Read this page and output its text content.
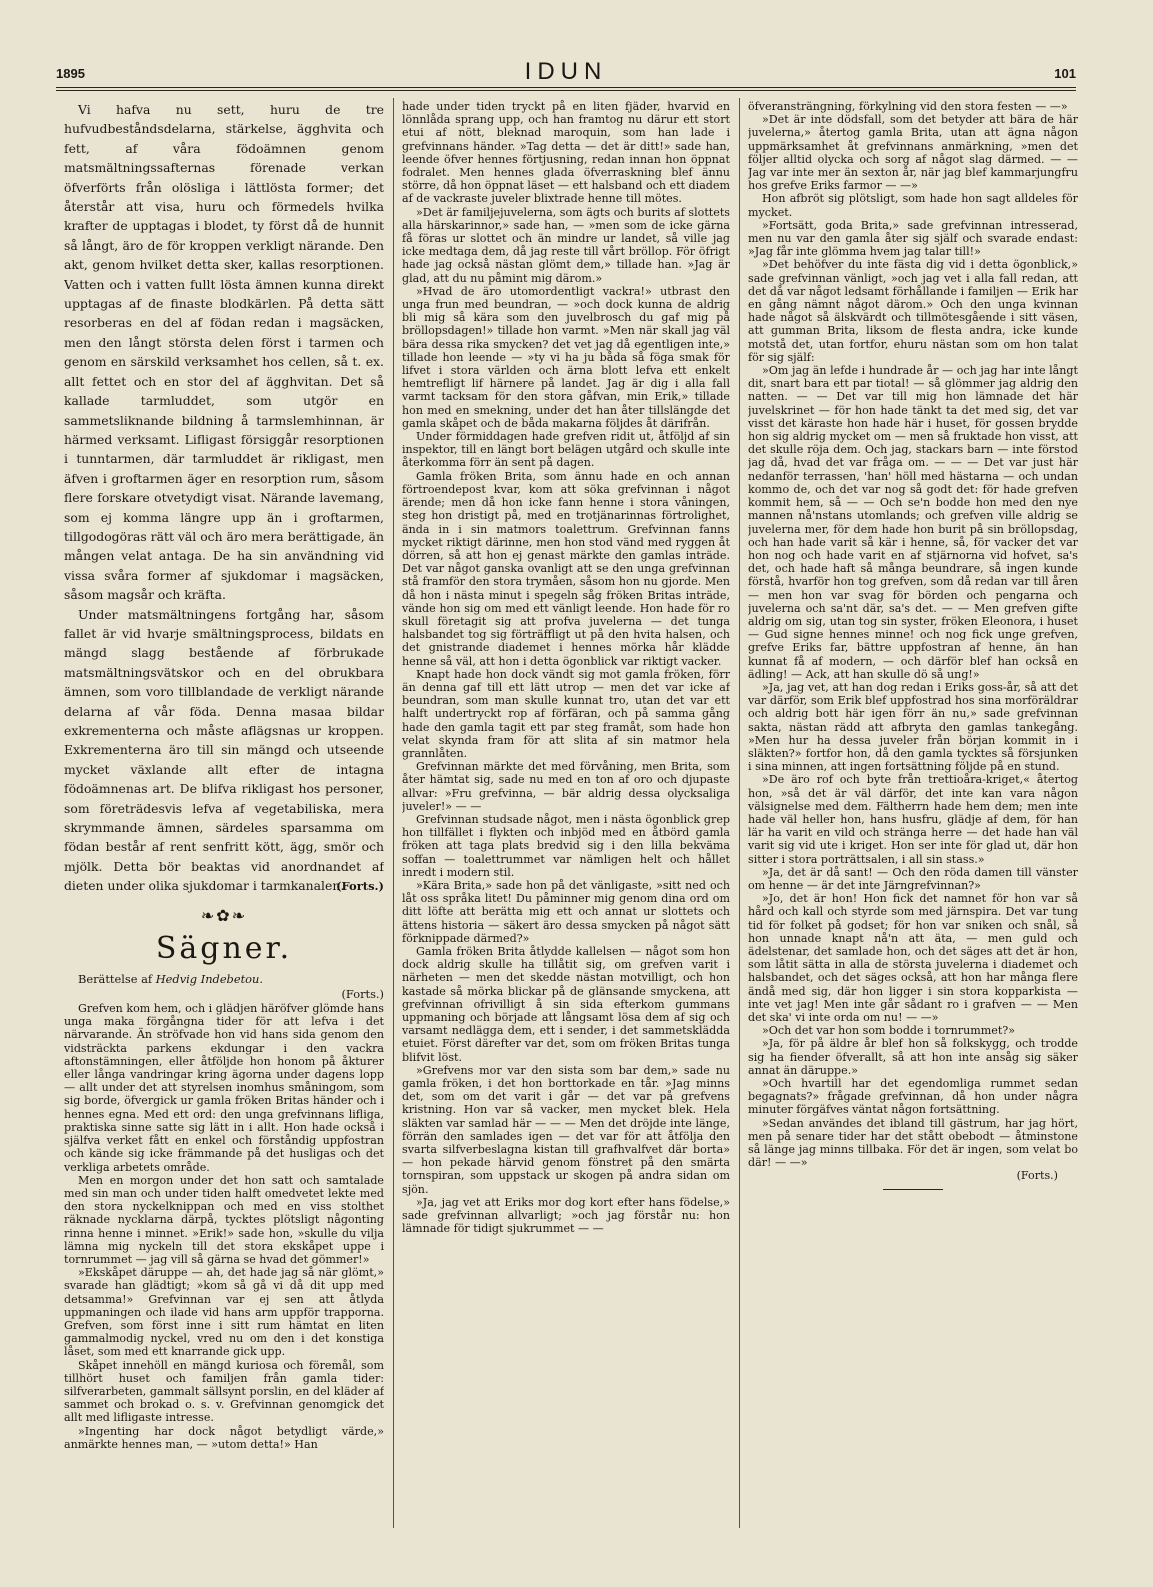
1895	IDUN	101

Vi hafva nu sett, huru de tre hufvudbeståndsdelarna, stärkelse, ägghvita och fett, af våra födoämnen genom matsmältningssafternas förenade verkan öfverförts från olösliga i lättlösta former; det återstår att visa, huru och förmedels hvilka krafter de upptagas i blodet, ty först då de hunnit så långt, äro de för kroppen verkligt närande. Den akt, genom hvilket detta sker, kallas resorptionen. Vatten och i vatten fullt lösta ämnen kunna direkt upptagas af de finaste blodkärlen. På detta sätt resorberas en del af födan redan i magsäcken, men den långt största delen först i tarmen och genom en särskild verksamhet hos cellen, så t. ex. allt fettet och en stor del af ägghvitan. Det så kallade tarmluddet, som utgör en sammetsliknande bildning å tarmslemhinnan, är härmed verksamt. Lifligast försiggår resorptionen i tunntarmen, där tarmluddet är rikligast, men äfven i groftarmen äger en resorption rum, såsom flere forskare otvetydigt visat. Närande lavemang, som ej komma längre upp än i groftarmen, tillgodogöras rätt väl och äro mera berättigade, än mången velat antaga. De ha sin användning vid vissa svåra former af sjukdomar i magsäcken, såsom magsår och kräfta.

Under matsmältningens fortgång har, såsom fallet är vid hvarje smältningsprocess, bildats en mängd slagg bestående af förbrukade matsmältningsvätskor och en del obrukbara ämnen, som voro tillblandade de verkligt närande delarna af vår föda. Denna masaa bildar exkrementerna och måste aflägsnas ur kroppen. Exkrementerna äro till sin mängd och utseende mycket växlande allt efter de intagna födoämnenas art. De blifva rikligast hos personer, som företrädesvis lefva af vegetabiliska, mera skrymmande ämnen, särdeles sparsamma om födan består af rent senfritt kött, ägg, smör och mjölk. Detta bör beaktas vid anordnandet af dieten under olika sjukdomar i tarmkanalen.

(Forts.)

❧✿❧
Sägner.

Berättelse af Hedvig Indebetou.

(Forts.)

Grefven kom hem, och i glädjen häröfver glömde hans unga maka förgångna tider för att lefva i det närvarande. Än ströfvade hon vid hans sida genom den vidsträckta parkens ekdungar i den vackra aftonstämningen, eller åtföljde hon honom på åkturer eller långa vandringar kring ägorna under dagens lopp — allt under det att styrelsen inomhus småningom, som sig borde, öfvergick ur gamla fröken Britas händer och i hennes egna. Med ett ord: den unga grefvinnans lifliga, praktiska sinne satte sig lätt in i allt. Hon hade också i själfva verket fått en enkel och förståndig uppfostran och kände sig icke främmande på det husligas och det verkliga arbetets område.

Men en morgon under det hon satt och samtalade med sin man och under tiden halft omedvetet lekte med den stora nyckelknippan och med en viss stolthet räknade nycklarna därpå, tycktes plötsligt någonting rinna henne i minnet. »Erik!» sade hon, »skulle du vilja lämna mig nyckeln till det stora ekskåpet uppe i tornrummet — jag vill så gärna se hvad det gömmer!»

»Ekskåpet däruppe — ah, det hade jag så när glömt,» svarade han glädtigt; »kom så gå vi då dit upp med detsamma!» Grefvinnan var ej sen att åtlyda uppmaningen och ilade vid hans arm uppför trapporna. Grefven, som först inne i sitt rum hämtat en liten gammalmodig nyckel, vred nu om den i det konstiga låset, som med ett knarrande gick upp.

Skåpet innehöll en mängd kuriosa och föremål, som tillhört huset och familjen från gamla tider: silfverarbeten, gammalt sällsynt porslin, en del kläder af sammet och brokad o. s. v. Grefvinnan genomgick det allt med lifligaste intresse.

»Ingenting har dock något betydligt värde,» anmärkte hennes man, — »utom detta!» Han

hade under tiden tryckt på en liten fjäder, hvarvid en lönnlåda sprang upp, och han framtog nu därur ett stort etui af nött, bleknad maroquin, som han lade i grefvinnans händer. »Tag detta — det är ditt!» sade han, leende öfver hennes förtjusning, redan innan hon öppnat fodralet. Men hennes glada öfverraskning blef ännu större, då hon öppnat läset — ett halsband och ett diadem af de vackraste juveler blixtrade henne till mötes.

»Det är familjejuvelerna, som ägts och burits af slottets alla härskarinnor,» sade han, — »men som de icke gärna få föras ur slottet och än mindre ur landet, så ville jag icke medtaga dem, då jag reste till vårt bröllop. För öfrigt hade jag också nästan glömt dem,» tillade han. »Jag är glad, att du nu påmint mig därom.»

»Hvad de äro utomordentligt vackra!» utbrast den unga frun med beundran, — »och dock kunna de aldrig bli mig så kära som den juvelbrosch du gaf mig på bröllopsdagen!» tillade hon varmt. »Men när skall jag väl bära dessa rika smycken? det vet jag då egentligen inte,» tillade hon leende — »ty vi ha ju båda så föga smak för lifvet i stora världen och ärna blott lefva ett enkelt hemtrefligt lif härnere på landet. Jag är dig i alla fall varmt tacksam för den stora gåfvan, min Erik,» tillade hon med en smekning, under det han åter tillslängde det gamla skåpet och de båda makarna följdes åt därifrån.

Under förmiddagen hade grefven ridit ut, åtföljd af sin inspektor, till en längt bort belägen utgård och skulle inte återkomma förr än sent på dagen.

Gamla fröken Brita, som ännu hade en och annan förtroendepost kvar, kom att söka grefvinnan i något ärende; men då hon icke fann henne i stora våningen, steg hon dristigt på, med en trotjänarinnas förtrolighet, ända in i sin matmors toalettrum. Grefvinnan fanns mycket riktigt därinne, men hon stod vänd med ryggen åt dörren, så att hon ej genast märkte den gamlas inträde. Det var något ganska ovanligt att se den unga grefvinnan stå framför den stora trymåen, såsom hon nu gjorde. Men då hon i nästa minut i spegeln såg fröken Britas inträde, vände hon sig om med ett vänligt leende. Hon hade för ro skull företagit sig att profva juvelerna — det tunga halsbandet tog sig förträffligt ut på den hvita halsen, och det gnistrande diademet i hennes mörka hår klädde henne så väl, att hon i detta ögonblick var riktigt vacker.

Knapt hade hon dock vändt sig mot gamla fröken, förr än denna gaf till ett lätt utrop — men det var icke af beundran, som man skulle kunnat tro, utan det var ett halft undertryckt rop af förfäran, och på samma gång hade den gamla tagit ett par steg framåt, som hade hon velat skynda fram för att slita af sin matmor hela grannlåten.

Grefvinnan märkte det med förvåning, men Brita, som åter hämtat sig, sade nu med en ton af oro och djupaste allvar: »Fru grefvinna, — bär aldrig dessa olycksaliga juveler!» — —

Grefvinnan studsade något, men i nästa ögonblick grep hon tillfället i flykten och inbjöd med en åtbörd gamla fröken att taga plats bredvid sig i den lilla bekväma soffan — toalettrummet var nämligen helt och hållet inredt i modern stil.

»Kära Brita,» sade hon på det vänligaste, »sitt ned och låt oss språka litet! Du påminner mig genom dina ord om ditt löfte att berätta mig ett och annat ur slottets och ättens historia — säkert äro dessa smycken på något sätt förknippade därmed?»

Gamla fröken Brita åtlydde kallelsen — något som hon dock aldrig skulle ha tillåtit sig, om grefven varit i närheten — men det skedde nästan motvilligt, och hon kastade så mörka blickar på de glänsande smyckena, att grefvinnan ofrivilligt å sin sida efterkom gummans uppmaning och började att långsamt lösa dem af sig och varsamt nedlägga dem, ett i sender, i det sammetsklädda etuiet. Först därefter var det, som om fröken Britas tunga blifvit löst.

»Grefvens mor var den sista som bar dem,» sade nu gamla fröken, i det hon borttorkade en tår. »Jag minns det, som om det varit i går — det var på grefvens kristning. Hon var så vacker, men mycket blek. Hela släkten var samlad här — — — Men det dröjde inte länge, förrän den samlades igen — det var för att åtfölja den svarta silfverbeslagna kistan till grafhvalfvet där borta» — hon pekade härvid genom fönstret på den smärta tornspiran, som uppstack ur skogen på andra sidan om sjön.

»Ja, jag vet att Eriks mor dog kort efter hans födelse,» sade grefvinnan allvarligt; »och jag förstår nu: hon lämnade för tidigt sjukrummet — —

öfveransträngning, förkylning vid den stora festen — —»

»Det är inte dödsfall, som det betyder att bära de här juvelerna,» återtog gamla Brita, utan att ägna någon uppmärksamhet åt grefvinnans anmärkning, »men det följer alltid olycka och sorg af något slag därmed. — — Jag var inte mer än sexton år, när jag blef kammarjungfru hos grefve Eriks farmor — —»

Hon afbröt sig plötsligt, som hade hon sagt alldeles för mycket.

»Fortsätt, goda Brita,» sade grefvinnan intresserad, men nu var den gamla åter sig själf och svarade endast: »Jag får inte glömma hvem jag talar till!»

»Det behöfver du inte fästa dig vid i detta ögonblick,» sade grefvinnan vänligt, »och jag vet i alla fall redan, att det då var något ledsamt förhållande i familjen — Erik har en gång nämnt något därom.» Och den unga kvinnan hade något så älskvärdt och tillmötesgående i sitt väsen, att gumman Brita, liksom de flesta andra, icke kunde motstå det, utan fortfor, ehuru nästan som om hon talat för sig själf:

»Om jag än lefde i hundrade år — och jag har inte långt dit, snart bara ett par tiotal! — så glömmer jag aldrig den natten. — — Det var till mig hon lämnade det här juvelskrinet — för hon hade tänkt ta det med sig, det var visst det käraste hon hade här i huset, för gossen brydde hon sig aldrig mycket om — men så fruktade hon visst, att det skulle röja dem. Och jag, stackars barn — inte förstod jag då, hvad det var fråga om. — — — Det var just här nedanför terrassen, 'han' höll med hästarna — och undan kommo de, och det var nog så godt det: för hade grefven kommit hem, så — — Och se'n bodde hon med den nye mannen nå'nstans utomlands; och grefven ville aldrig se juvelerna mer, för dem hade hon burit på sin bröllopsdag, och han hade varit så kär i henne, så, för vacker det var hon nog och hade varit en af stjärnorna vid hofvet, sa's det, och hade haft så många beundrare, så ingen kunde förstå, hvarför hon tog grefven, som då redan var till åren — men hon var svag för börden och pengarna och juvelerna och sa'nt där, sa's det. — — Men grefven gifte aldrig om sig, utan tog sin syster, fröken Eleonora, i huset — Gud signe hennes minne! och nog fick unge grefven, grefve Eriks far, bättre uppfostran af henne, än han kunnat få af modern, — och därför blef han också en ädling! — Ack, att han skulle dö så ung!»

»Ja, jag vet, att han dog redan i Eriks goss-år, så att det var därför, som Erik blef uppfostrad hos sina morföräldrar och aldrig bott här igen förr än nu,» sade grefvinnan sakta, nästan rädd att afbryta den gamlas tankegång. »Men hur ha dessa juveler från början kommit in i släkten?» fortfor hon, då den gamla tycktes så försjunken i sina minnen, att ingen fortsättning följde på en stund.

»De äro rof och byte från trettioåra-kriget,« återtog hon, »så det är väl därför, det inte kan vara någon välsignelse med dem. Fältherrn hade hem dem; men inte hade väl heller hon, hans husfru, glädje af dem, för han lär ha varit en vild och stränga herre — det hade han väl varit sig vid ute i kriget. Hon ser inte för glad ut, där hon sitter i stora porträttsalen, i all sin stass.»

»Ja, det är då sant! — Och den röda damen till vänster om henne — är det inte Järngrefvinnan?»

»Jo, det är hon! Hon fick det namnet för hon var så hård och kall och styrde som med järnspira. Det var tung tid för folket på godset; för hon var sniken och snål, så hon unnade knapt nå'n att äta, — men guld och ädelstenar, det samlade hon, och det säges att det är hon, som låtit sätta in alla de största juvelerna i diademet och halsbandet, och det säges också, att hon har många flere ändå med sig, där hon ligger i sin stora kopparkista — inte vet jag! Men inte går sådant ro i grafven — — Men det ska' vi inte orda om nu! — —»

»Och det var hon som bodde i tornrummet?»

»Ja, för på äldre år blef hon så folkskygg, och trodde sig ha fiender öfverallt, så att hon inte ansåg sig säker annat än däruppe.»

»Och hvartill har det egendomliga rummet sedan begagnats?» frågade grefvinnan, då hon under några minuter förgäfves väntat någon fortsättning.

»Sedan användes det ibland till gästrum, har jag hört, men på senare tider har det stått obebodt — åtminstone så länge jag minns tillbaka. För det är ingen, som velat bo där! — —»

(Forts.)
